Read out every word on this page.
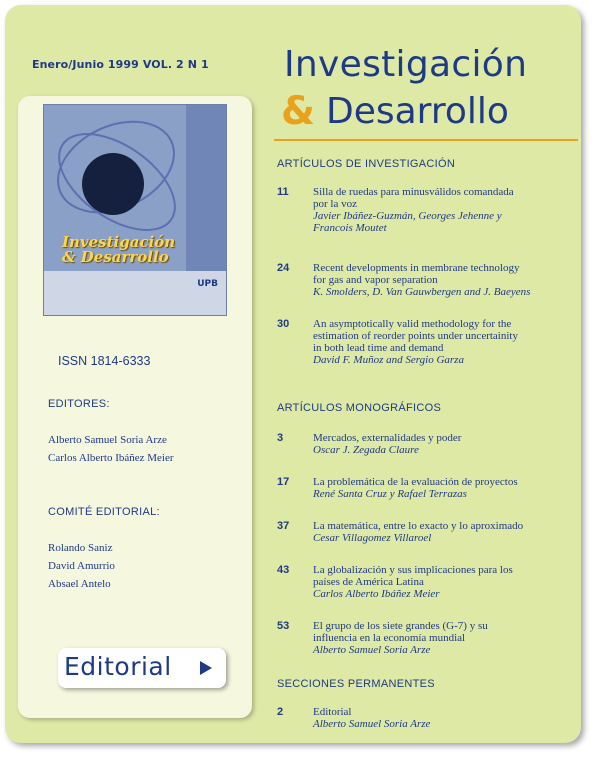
Enero/Junio 1999 VOL. 2 N 1
Investigación
& Desarrollo
UPB
ISSN 1814-6333
EDITORES:
Alberto Samuel Soria Arze
Carlos Alberto Ibáñez Meier
COMITÉ EDITORIAL:
Rolando Saniz
David Amurrio
Absael Antelo
Editorial
Investigación
& Desarrollo
ARTÍCULOS DE INVESTIGACIÓN
11 Silla de ruedas para minusválidos comandada
por la voz
Javier Ibáñez-Guzmán, Georges Jehenne y
Francois Moutet
24 Recent developments in membrane technology
for gas and vapor separation
K. Smolders, D. Van Gauwbergen and J. Baeyens
30 An asymptotically valid methodology for the
estimation of reorder points under uncertainity
in both lead time and demand
David F. Muñoz and Sergio Garza
ARTÍCULOS MONOGRÁFICOS
3	Mercados, externalidades y poder
Oscar J. Zegada Claure
17 La problemática de la evaluación de proyectos
René Santa Cruz y Rafael Terrazas
37 La matemática, entre lo exacto y lo aproximado
Cesar Villagomez Villaroel
43 La globalización y sus implicaciones para los
países de América Latina
Carlos Alberto Ibáñez Meier
53 El grupo de los siete grandes (G-7) y su
influencia en la economía mundial
Alberto Samuel Soria Arze
SECCIONES PERMANENTES
2	Editorial
Alberto Samuel Soria Arze
